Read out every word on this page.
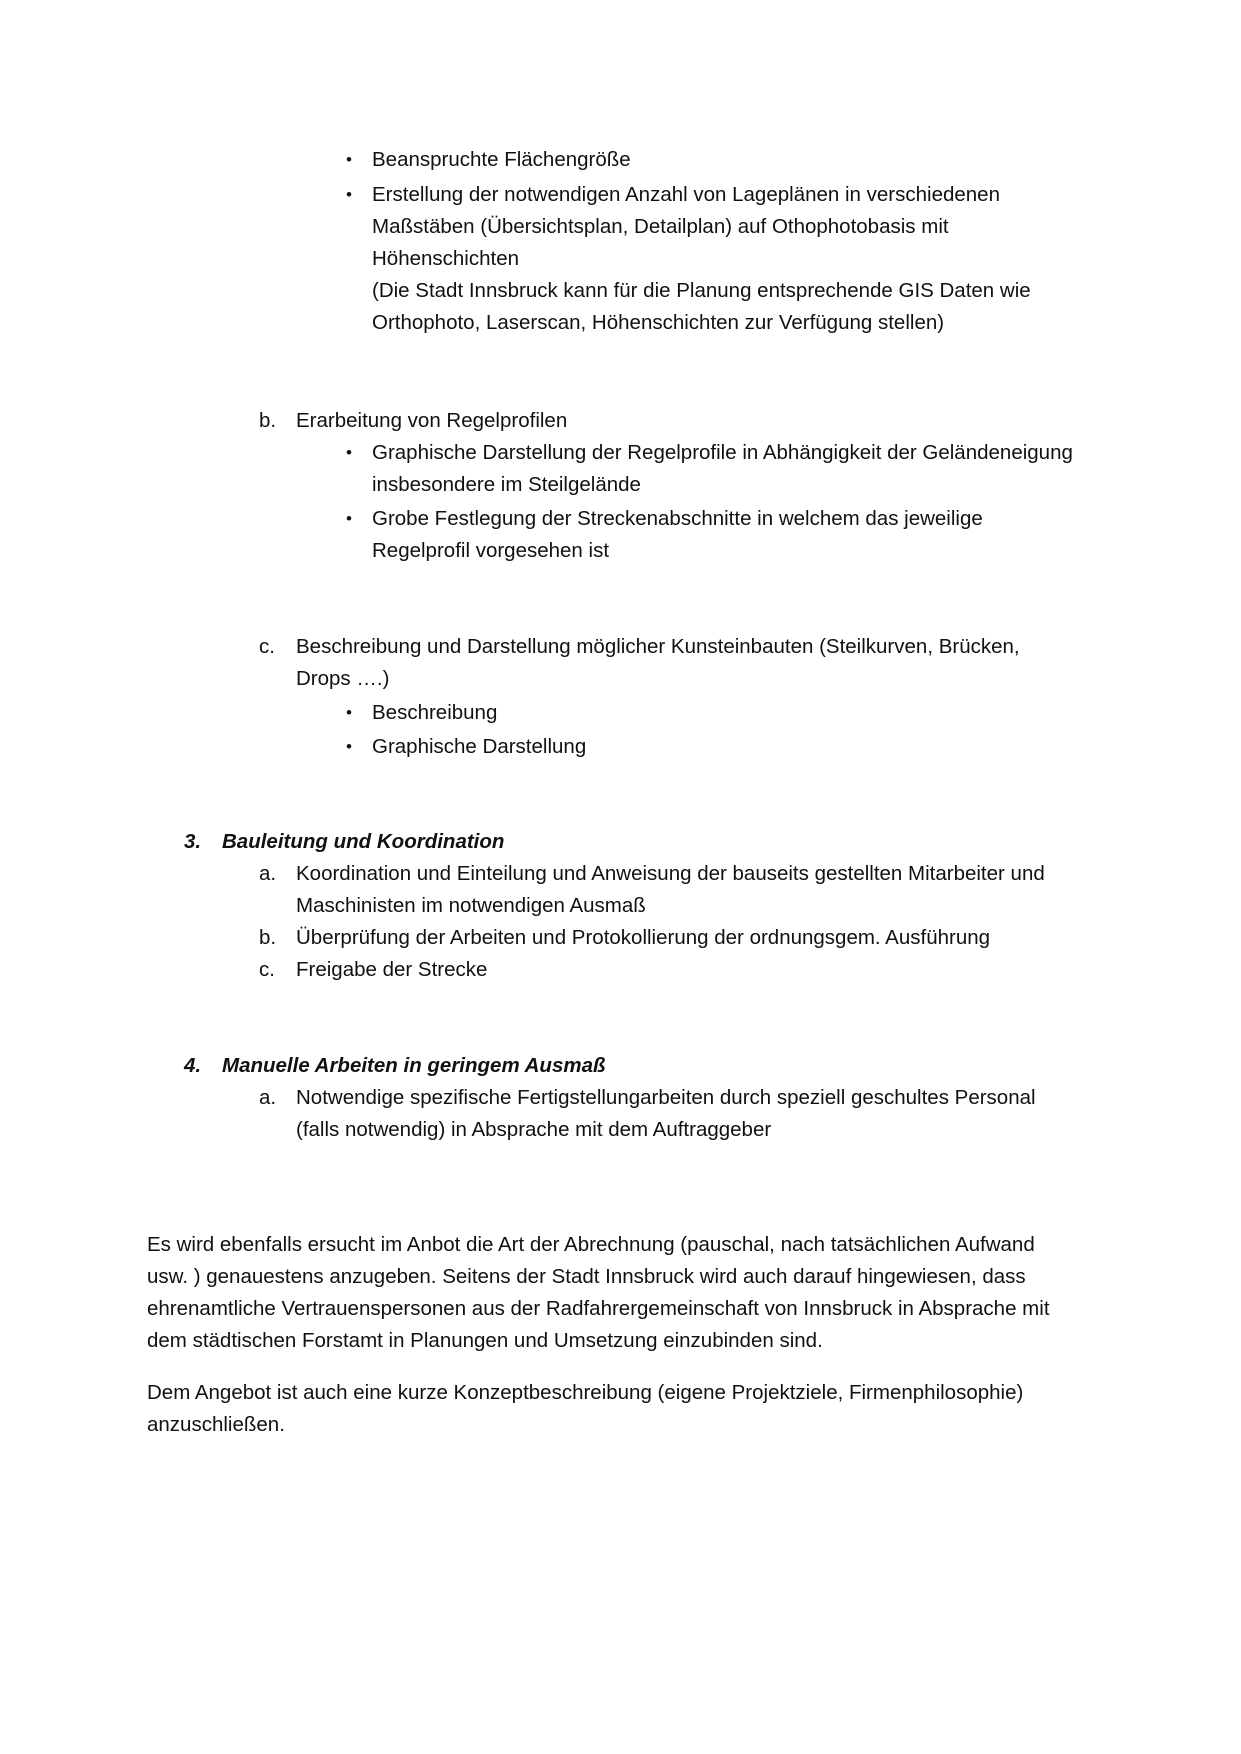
• Beanspruchte Flächengröße

• Erstellung der notwendigen Anzahl von Lageplänen in verschiedenen

Maßstäben (Übersichtsplan, Detailplan) auf Othophotobasis mit

Höhenschichten

(Die Stadt Innsbruck kann für die Planung entsprechende GIS Daten wie

Orthophoto, Laserscan, Höhenschichten zur Verfügung stellen)

b. Erarbeitung von Regelprofilen

• Graphische Darstellung der Regelprofile in Abhängigkeit der Geländeneigung

insbesondere im Steilgelände

• Grobe Festlegung der Streckenabschnitte in welchem das jeweilige

Regelprofil vorgesehen ist

c. Beschreibung und Darstellung möglicher Kunsteinbauten (Steilkurven, Brücken,

Drops ….)

• Beschreibung

• Graphische Darstellung

3. Bauleitung und Koordination

a. Koordination und Einteilung und Anweisung der bauseits gestellten Mitarbeiter und

Maschinisten im notwendigen Ausmaß

b. Überprüfung der Arbeiten und Protokollierung der ordnungsgem. Ausführung

c. Freigabe der Strecke

4. Manuelle Arbeiten in geringem Ausmaß

a. Notwendige spezifische Fertigstellungarbeiten durch speziell geschultes Personal

(falls notwendig) in Absprache mit dem Auftraggeber

Es wird ebenfalls ersucht im Anbot die Art der Abrechnung (pauschal, nach tatsächlichen Aufwand

usw. ) genauestens anzugeben. Seitens der Stadt Innsbruck wird auch darauf hingewiesen, dass

ehrenamtliche Vertrauenspersonen aus der Radfahrergemeinschaft von Innsbruck in Absprache mit

dem städtischen Forstamt in Planungen und Umsetzung einzubinden sind.

Dem Angebot ist auch eine kurze Konzeptbeschreibung (eigene Projektziele, Firmenphilosophie)

anzuschließen.
